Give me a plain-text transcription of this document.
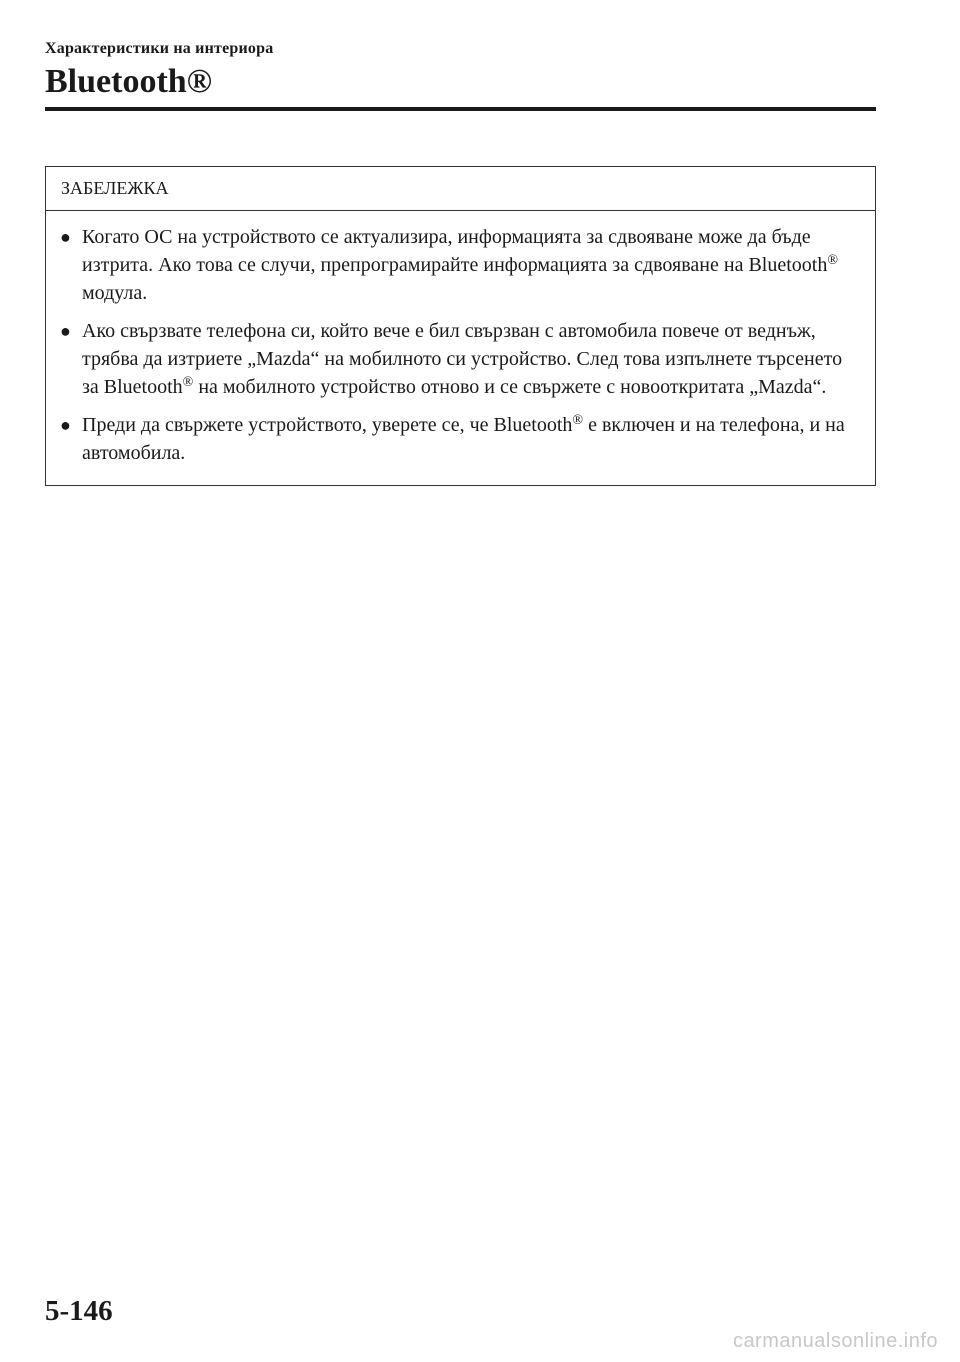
Характеристики на интериора
Bluetooth®
ЗАБЕЛЕЖКА
● Когато ОС на устройството се актуализира, информацията за сдвояване може да бъде изтрита. Ако това се случи, препрограмирайте информацията за сдвояване на Bluetooth® модула.
● Ако свързвате телефона си, който вече е бил свързван с автомобила повече от веднъж, трябва да изтриете „Mazda“ на мобилното си устройство. След това изпълнете търсенето за Bluetooth® на мобилното устройство отново и се свържете с новооткритата „Mazda“.
● Преди да свържете устройството, уверете се, че Bluetooth® е включен и на телефона, и на автомобила.
5-146
carmanualsonline.info
